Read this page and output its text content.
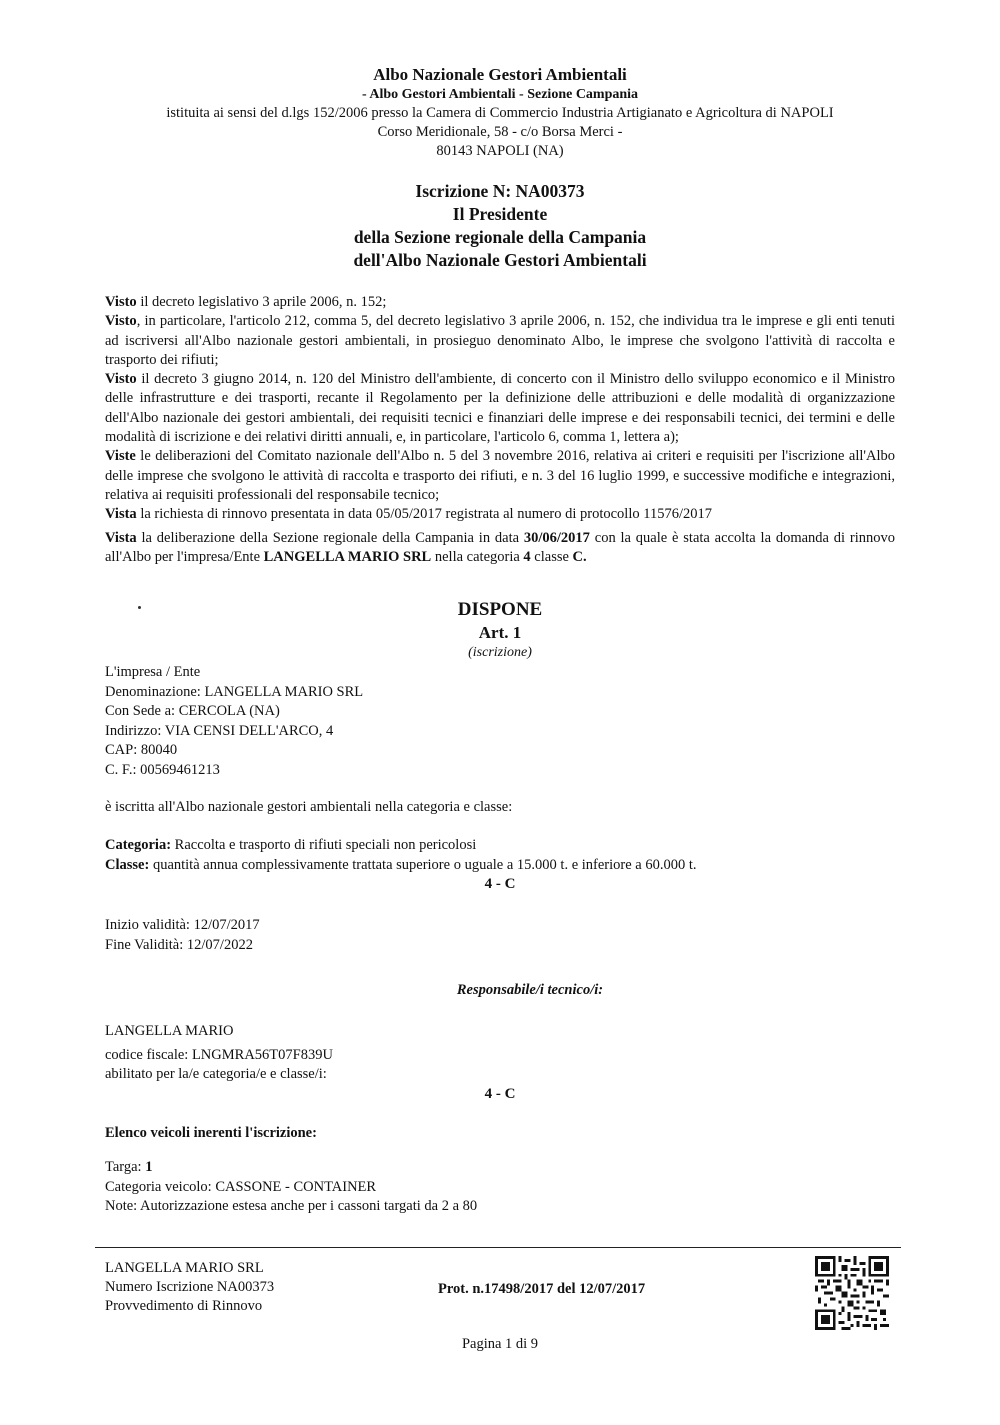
Albo Nazionale Gestori Ambientali
- Albo Gestori Ambientali - Sezione Campania
istituita ai sensi del d.lgs 152/2006 presso la Camera di Commercio Industria Artigianato e Agricoltura di NAPOLI
Corso Meridionale, 58 - c/o Borsa Merci -
80143 NAPOLI (NA)
Iscrizione N: NA00373
Il Presidente
della Sezione regionale della Campania
dell'Albo Nazionale Gestori Ambientali

Visto il decreto legislativo 3 aprile 2006, n. 152;

Visto, in particolare, l'articolo 212, comma 5, del decreto legislativo 3 aprile 2006, n. 152, che individua tra le imprese e gli enti tenuti ad iscriversi all'Albo nazionale gestori ambientali, in prosieguo denominato Albo, le imprese che svolgono l'attività di raccolta e trasporto dei rifiuti;

Visto il decreto 3 giugno 2014, n. 120 del Ministro dell'ambiente, di concerto con il Ministro dello sviluppo economico e il Ministro delle infrastrutture e dei trasporti, recante il Regolamento per la definizione delle attribuzioni e delle modalità di organizzazione dell'Albo nazionale dei gestori ambientali, dei requisiti tecnici e finanziari delle imprese e dei responsabili tecnici, dei termini e delle modalità di iscrizione e dei relativi diritti annuali, e, in particolare, l'articolo 6, comma 1, lettera a);

Viste le deliberazioni del Comitato nazionale dell'Albo n. 5 del 3 novembre 2016, relativa ai criteri e requisiti per l'iscrizione all'Albo delle imprese che svolgono le attività di raccolta e trasporto dei rifiuti, e n. 3 del 16 luglio 1999, e successive modifiche e integrazioni, relativa ai requisiti professionali del responsabile tecnico;

Vista la richiesta di rinnovo presentata in data 05/05/2017 registrata al numero di protocollo 11576/2017

Vista la deliberazione della Sezione regionale della Campania in data 30/06/2017 con la quale è stata accolta la domanda di rinnovo all'Albo per l'impresa/Ente LANGELLA MARIO SRL nella categoria 4 classe C.

DISPONE
Art. 1
(iscrizione)
L'impresa / Ente
Denominazione: LANGELLA MARIO SRL
Con Sede a: CERCOLA (NA)
Indirizzo: VIA CENSI DELL'ARCO, 4
CAP: 80040
C. F.: 00569461213
è iscritta all'Albo nazionale gestori ambientali nella categoria e classe:
Categoria: Raccolta e trasporto di rifiuti speciali non pericolosi
Classe: quantità annua complessivamente trattata superiore o uguale a 15.000 t. e inferiore a 60.000 t.
4 - C
Inizio validità: 12/07/2017
Fine Validità: 12/07/2022
Responsabile/i tecnico/i:
LANGELLA MARIO
codice fiscale: LNGMRA56T07F839U
abilitato per la/e categoria/e e classe/i:
4 - C
Elenco veicoli inerenti l'iscrizione:
Targa: 1
Categoria veicolo: CASSONE - CONTAINER
Note: Autorizzazione estesa anche per i cassoni targati da 2 a 80
LANGELLA MARIO SRL
Numero Iscrizione NA00373
Provvedimento di Rinnovo
Prot. n.17498/2017 del 12/07/2017
Pagina 1 di 9
